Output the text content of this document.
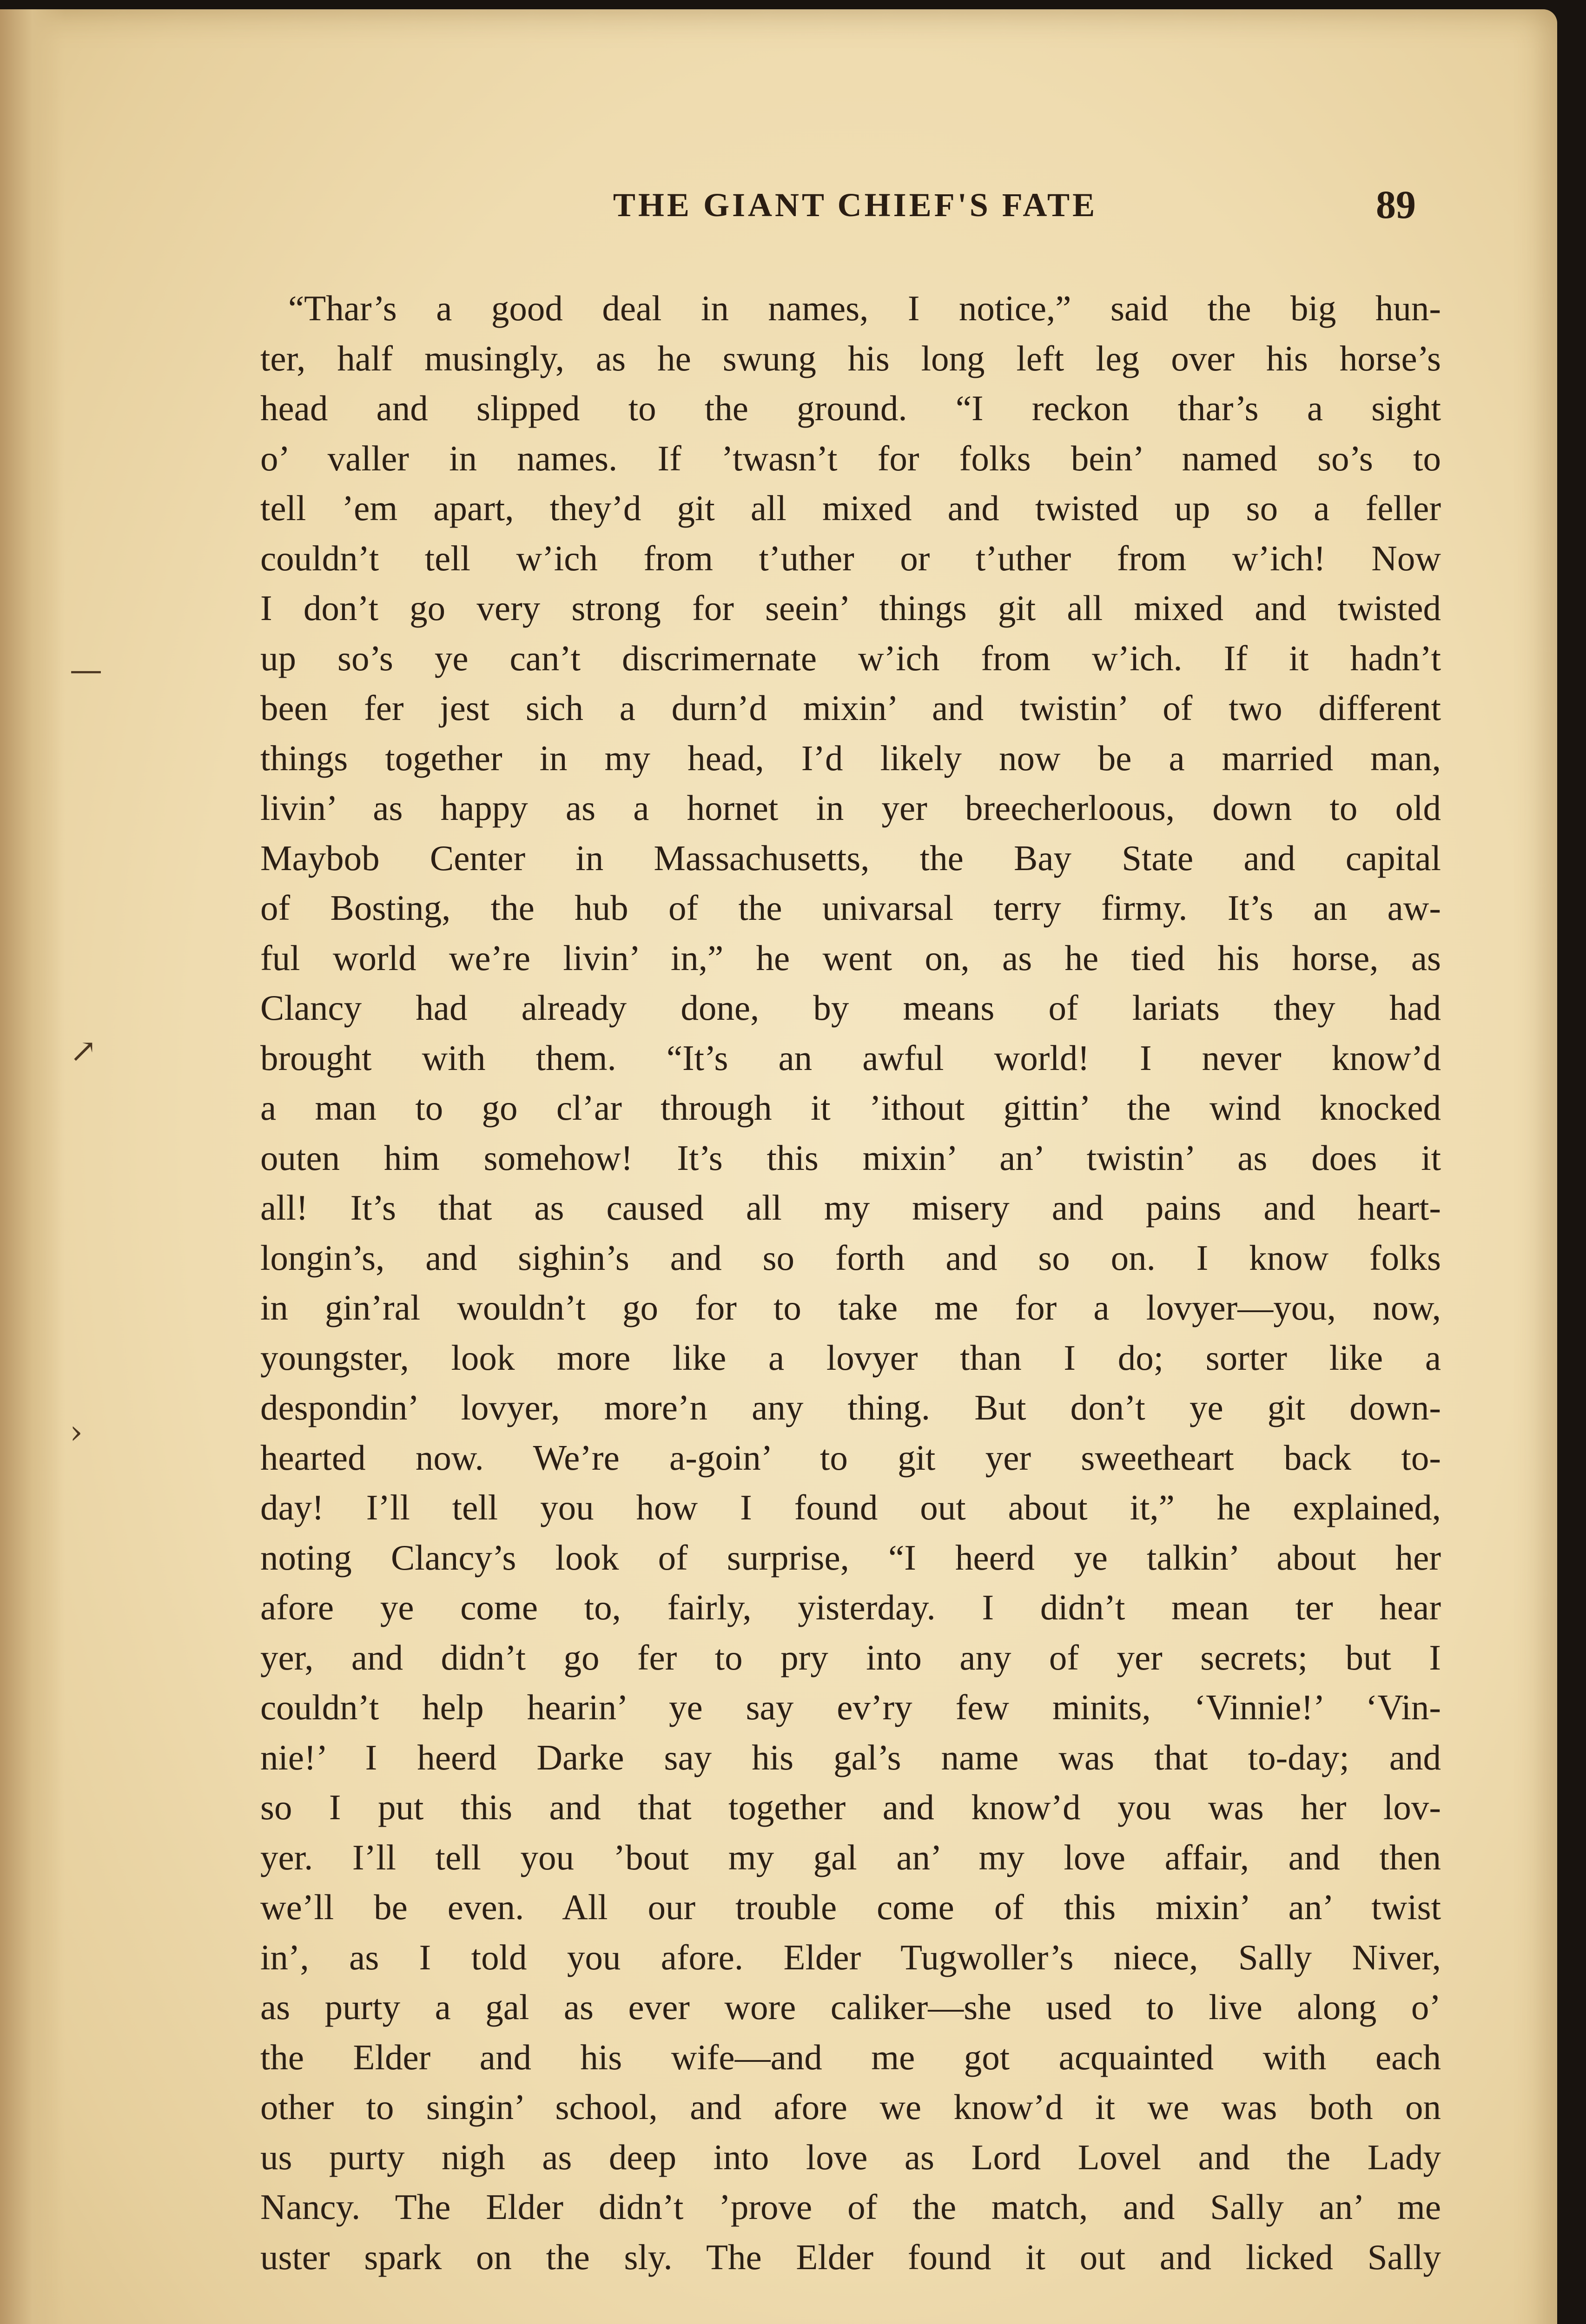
—
↗
›
THE GIANT CHIEF'S FATE	89
“Thar’s a good deal in names, I notice,” said the big hun-
ter, half musingly, as he swung his long left leg over his horse’s
head and slipped to the ground. “I reckon thar’s a sight
o’ valler in names. If ’twasn’t for folks bein’ named so’s to
tell ’em apart, they’d git all mixed and twisted up so a feller
couldn’t tell w’ich from t’uther or t’uther from w’ich! Now
I don’t go very strong for seein’ things git all mixed and twisted
up so’s ye can’t discrimernate w’ich from w’ich. If it hadn’t
been fer jest sich a durn’d mixin’ and twistin’ of two different
things together in my head, I’d likely now be a married man,
livin’ as happy as a hornet in yer breecherloous, down to old
Maybob Center in Massachusetts, the Bay State and capital
of Bosting, the hub of the univarsal terry firmy. It’s an aw-
ful world we’re livin’ in,” he went on, as he tied his horse, as
Clancy had already done, by means of lariats they had
brought with them. “It’s an awful world! I never know’d
a man to go cl’ar through it ’ithout gittin’ the wind knocked
outen him somehow! It’s this mixin’ an’ twistin’ as does it
all! It’s that as caused all my misery and pains and heart-
longin’s, and sighin’s and so forth and so on. I know folks
in gin’ral wouldn’t go for to take me for a lovyer—you, now,
youngster, look more like a lovyer than I do; sorter like a
despondin’ lovyer, more’n any thing. But don’t ye git down-
hearted now. We’re a-goin’ to git yer sweetheart back to-
day! I’ll tell you how I found out about it,” he explained,
noting Clancy’s look of surprise, “I heerd ye talkin’ about her
afore ye come to, fairly, yisterday. I didn’t mean ter hear
yer, and didn’t go fer to pry into any of yer secrets; but I
couldn’t help hearin’ ye say ev’ry few minits, ‘Vinnie!’ ‘Vin-
nie!’ I heerd Darke say his gal’s name was that to-day; and
so I put this and that together and know’d you was her lov-
yer. I’ll tell you ’bout my gal an’ my love affair, and then
we’ll be even. All our trouble come of this mixin’ an’ twist
in’, as I told you afore. Elder Tugwoller’s niece, Sally Niver,
as purty a gal as ever wore caliker—she used to live along o’
the Elder and his wife—and me got acquainted with each
other to singin’ school, and afore we know’d it we was both on
us purty nigh as deep into love as Lord Lovel and the Lady
Nancy. The Elder didn’t ’prove of the match, and Sally an’ me
uster spark on the sly. The Elder found it out and licked Sally
